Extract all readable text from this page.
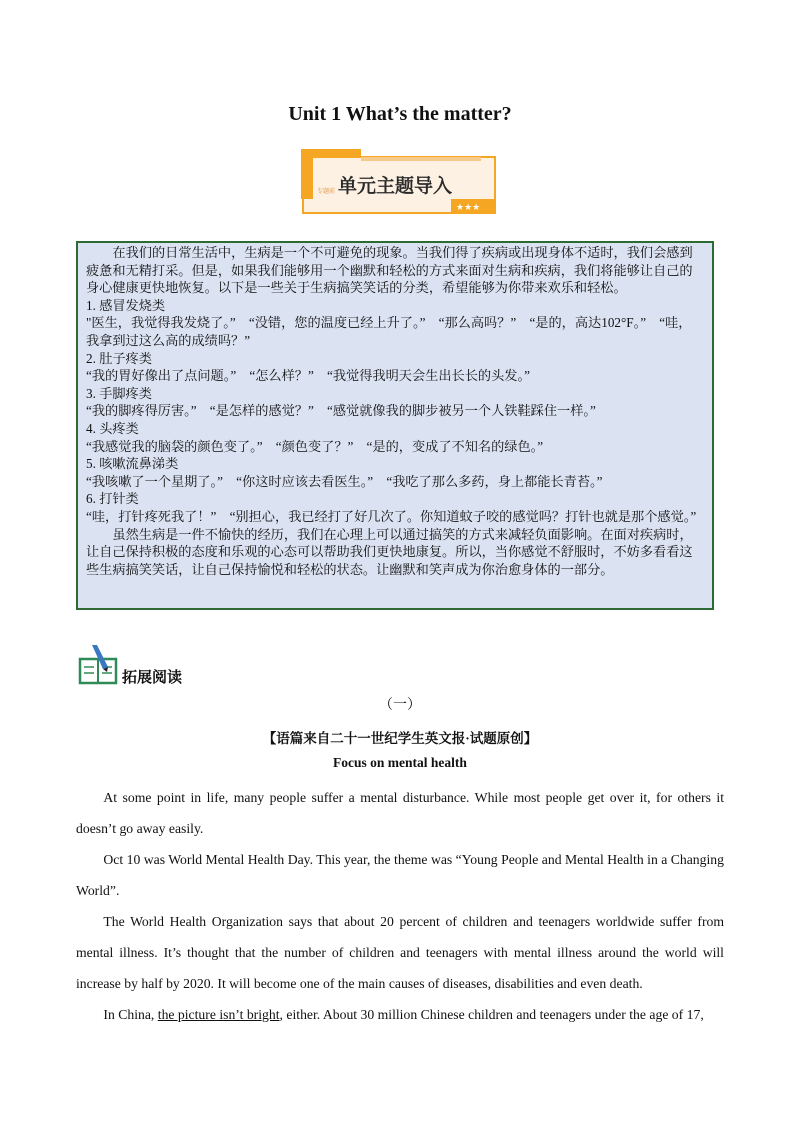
Unit 1 What’s the matter?
专题前 单元主题导入
★★★

在我们的日常生活中，生病是一个不可避免的现象。当我们得了疾病或出现身体不适时，我们会感到疲惫和无精打采。但是，如果我们能够用一个幽默和轻松的方式来面对生病和疾病，我们将能够让自己的身心健康更快地恢复。以下是一些关于生病搞笑笑话的分类，希望能够为你带来欢乐和轻松。

1. 感冒发烧类

"医生，我觉得我发烧了。”　“没错，您的温度已经上升了。”　“那么高吗？”　“是的，高达102°F。”　“哇，我拿到过这么高的成绩吗？”

2. 肚子疼类

“我的胃好像出了点问题。”　“怎么样？”　“我觉得我明天会生出长长的头发。”

3. 手脚疼类

“我的脚疼得厉害。”　“是怎样的感觉？”　“感觉就像我的脚步被另一个人铁鞋踩住一样。”

4. 头疼类

“我感觉我的脑袋的颜色变了。”　“颜色变了？”　“是的，变成了不知名的绿色。”

5. 咳嗽流鼻涕类

“我咳嗽了一个星期了。”　“你这时应该去看医生。”　“我吃了那么多药，身上都能长青苔。”

6. 打针类

“哇，打针疼死我了！”　“别担心，我已经打了好几次了。你知道蚊子咬的感觉吗？打针也就是那个感觉。”

虽然生病是一件不愉快的经历，我们在心理上可以通过搞笑的方式来减轻负面影响。在面对疾病时，让自己保持积极的态度和乐观的心态可以帮助我们更快地康复。所以，当你感觉不舒服时，不妨多看看这些生病搞笑笑话，让自己保持愉悦和轻松的状态。让幽默和笑声成为你治愈身体的一部分。

拓展阅读
（一）
【语篇来自二十一世纪学生英文报·试题原创】
Focus on mental health

At some point in life, many people suffer a mental disturbance. While most people get over it, for others it doesn’t go away easily.

Oct 10 was World Mental Health Day. This year, the theme was “Young People and Mental Health in a Changing World”.

The World Health Organization says that about 20 percent of children and teenagers worldwide suffer from mental illness. It’s thought that the number of children and teenagers with mental illness around the world will increase by half by 2020. It will become one of the main causes of diseases, disabilities and even death.

In China, the picture isn’t bright, either. About 30 million Chinese children and teenagers under the age of 17,
